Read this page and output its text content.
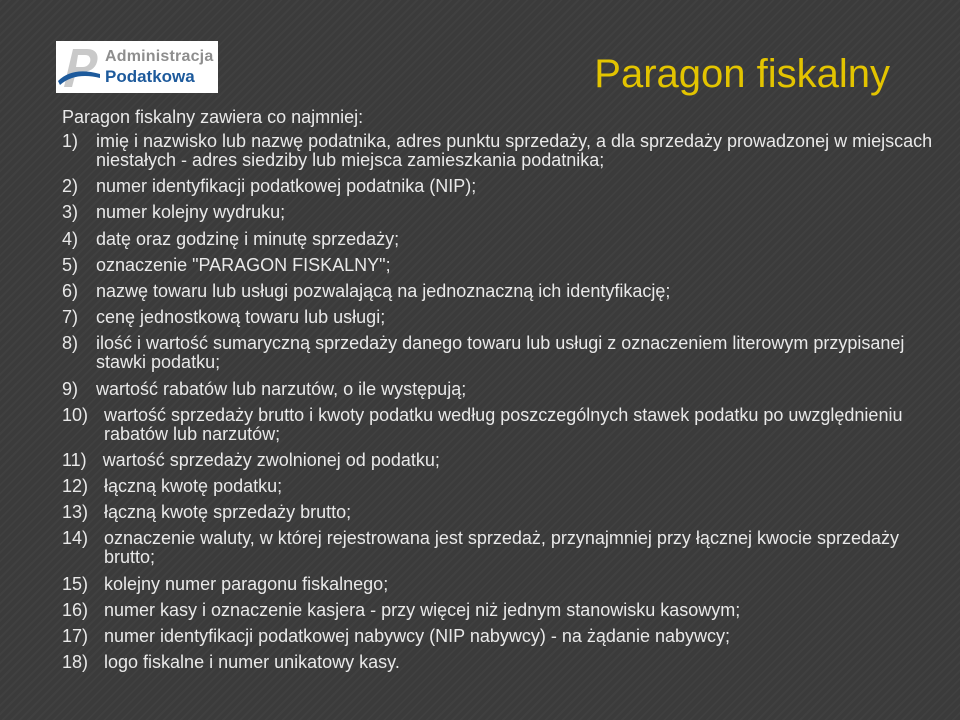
Administracja
Podatkowa	Paragon fiskalny
Paragon fiskalny zawiera co najmniej:
1) imię i nazwisko lub nazwę podatnika, adres punktu sprzedaży, a dla sprzedaży prowadzonej w miejscach niestałych - adres siedziby lub miejsca zamieszkania podatnika;
2) numer identyfikacji podatkowej podatnika (NIP);
3) numer kolejny wydruku;
4) datę oraz godzinę i minutę sprzedaży;
5) oznaczenie "PARAGON FISKALNY";
6) nazwę towaru lub usługi pozwalającą na jednoznaczną ich identyfikację;
7) cenę jednostkową towaru lub usługi;
8) ilość i wartość sumaryczną sprzedaży danego towaru lub usługi z oznaczeniem literowym przypisanej stawki podatku;
9) wartość rabatów lub narzutów, o ile występują;
10) wartość sprzedaży brutto i kwoty podatku według poszczególnych stawek podatku po uwzględnieniu rabatów lub narzutów;
11) wartość sprzedaży zwolnionej od podatku;
12) łączną kwotę podatku;
13) łączną kwotę sprzedaży brutto;
14) oznaczenie waluty, w której rejestrowana jest sprzedaż, przynajmniej przy łącznej kwocie sprzedaży brutto;
15) kolejny numer paragonu fiskalnego;
16) numer kasy i oznaczenie kasjera - przy więcej niż jednym stanowisku kasowym;
17) numer identyfikacji podatkowej nabywcy (NIP nabywcy) - na żądanie nabywcy;
18) logo fiskalne i numer unikatowy kasy.
